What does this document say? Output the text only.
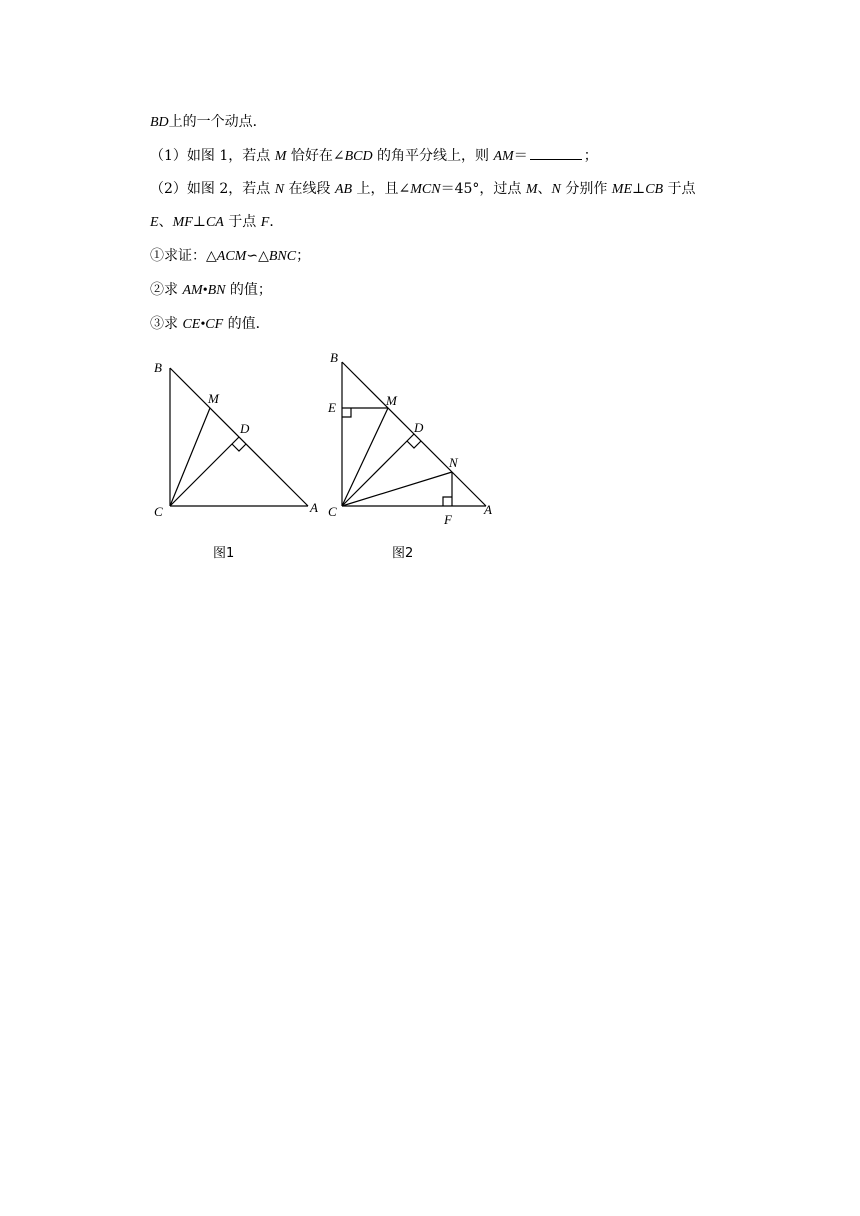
BD上的一个动点．
（1）如图 1，若点 M 恰好在∠BCD 的角平分线上，则 AM＝	；
（2）如图 2，若点 N 在线段 AB 上，且∠MCN＝45°，过点 M、N 分别作 ME⊥CB 于点
E、MF⊥CA 于点 F．
①求证：△ACM∽△BNC；
②求 AM•BN 的值；
③求 CE•CF 的值．
B
M
D
C	A
图1
B
E	M
D
N
C
F
A
图2
